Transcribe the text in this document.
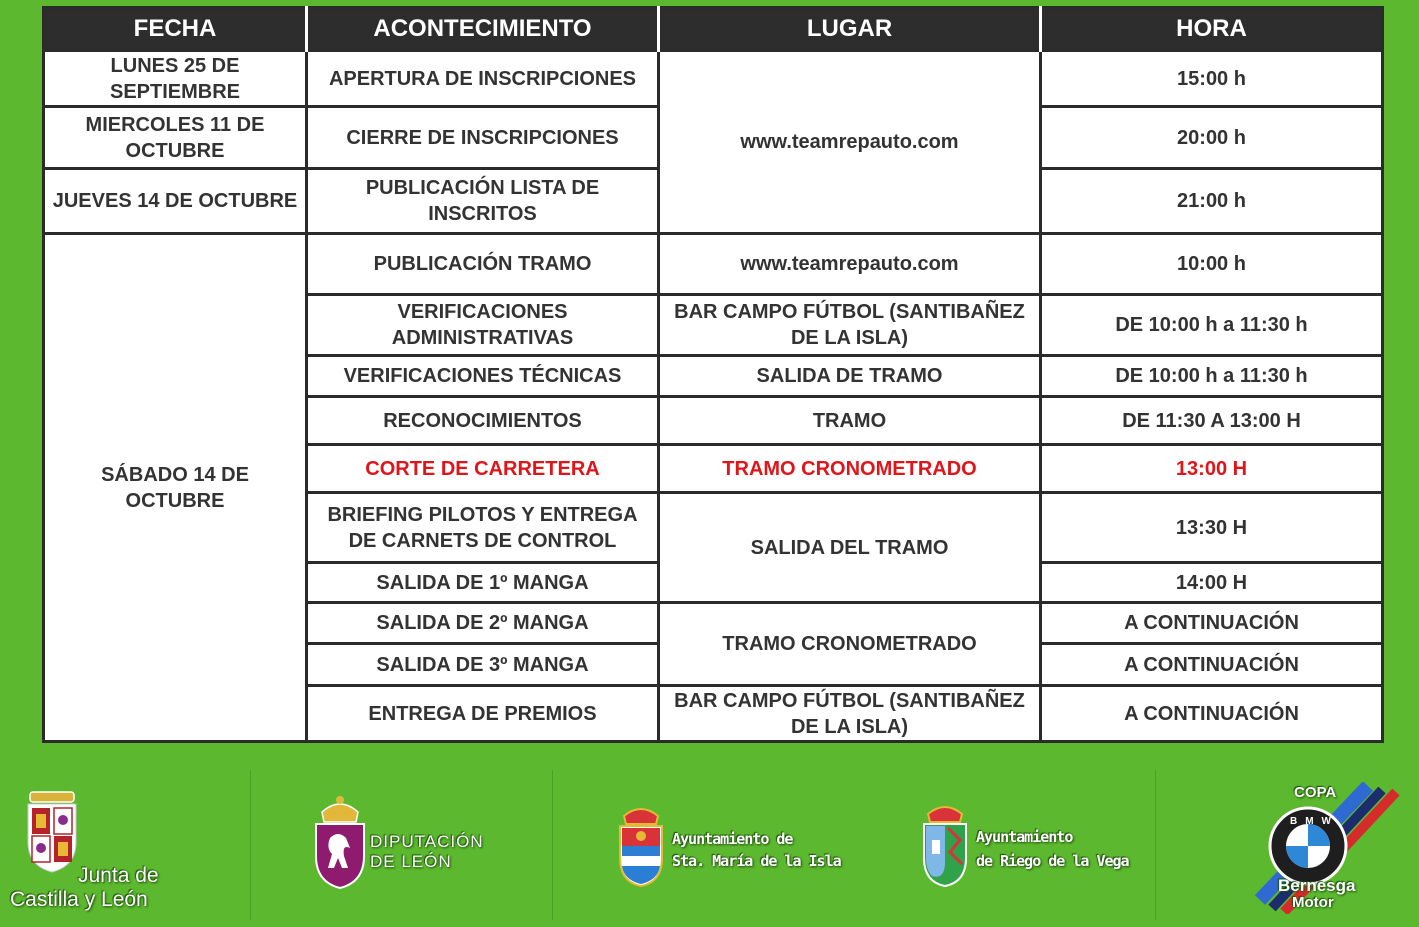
FECHA	ACONTECIMIENTO	LUGAR	HORA
LUNES 25 DE SEPTIEMBRE	APERTURA DE INSCRIPCIONES	www.teamrepauto.com	15:00 h
MIERCOLES 11 DE OCTUBRE	CIERRE DE INSCRIPCIONES		20:00 h
JUEVES 14 DE OCTUBRE	PUBLICACIÓN LISTA DE INSCRITOS		21:00 h
SÁBADO 14 DE OCTUBRE	PUBLICACIÓN TRAMO	www.teamrepauto.com	10:00 h
	VERIFICACIONES ADMINISTRATIVAS	BAR CAMPO FÚTBOL (SANTIBAÑEZ DE LA ISLA)	DE 10:00 h a 11:30 h
	VERIFICACIONES TÉCNICAS	SALIDA DE TRAMO	DE 10:00 h a 11:30 h
	RECONOCIMIENTOS	TRAMO	DE 11:30 A 13:00 H
	CORTE DE CARRETERA	TRAMO CRONOMETRADO	13:00 H
	BRIEFING PILOTOS Y ENTREGA DE CARNETS DE CONTROL	SALIDA DEL TRAMO	13:30 H
	SALIDA DE 1º MANGA		14:00 H
	SALIDA DE 2º MANGA	TRAMO CRONOMETRADO	A CONTINUACIÓN
	SALIDA DE 3º MANGA		A CONTINUACIÓN
	ENTREGA DE PREMIOS	BAR CAMPO FÚTBOL (SANTIBAÑEZ DE LA ISLA)	A CONTINUACIÓN
Junta de
Castilla y León
DIPUTACIÓN
DE LEÓN
Ayuntamiento de
Sta. María de la Isla
Ayuntamiento
de Riego de la Vega
COPA
BMW
Bernesga
Motor
